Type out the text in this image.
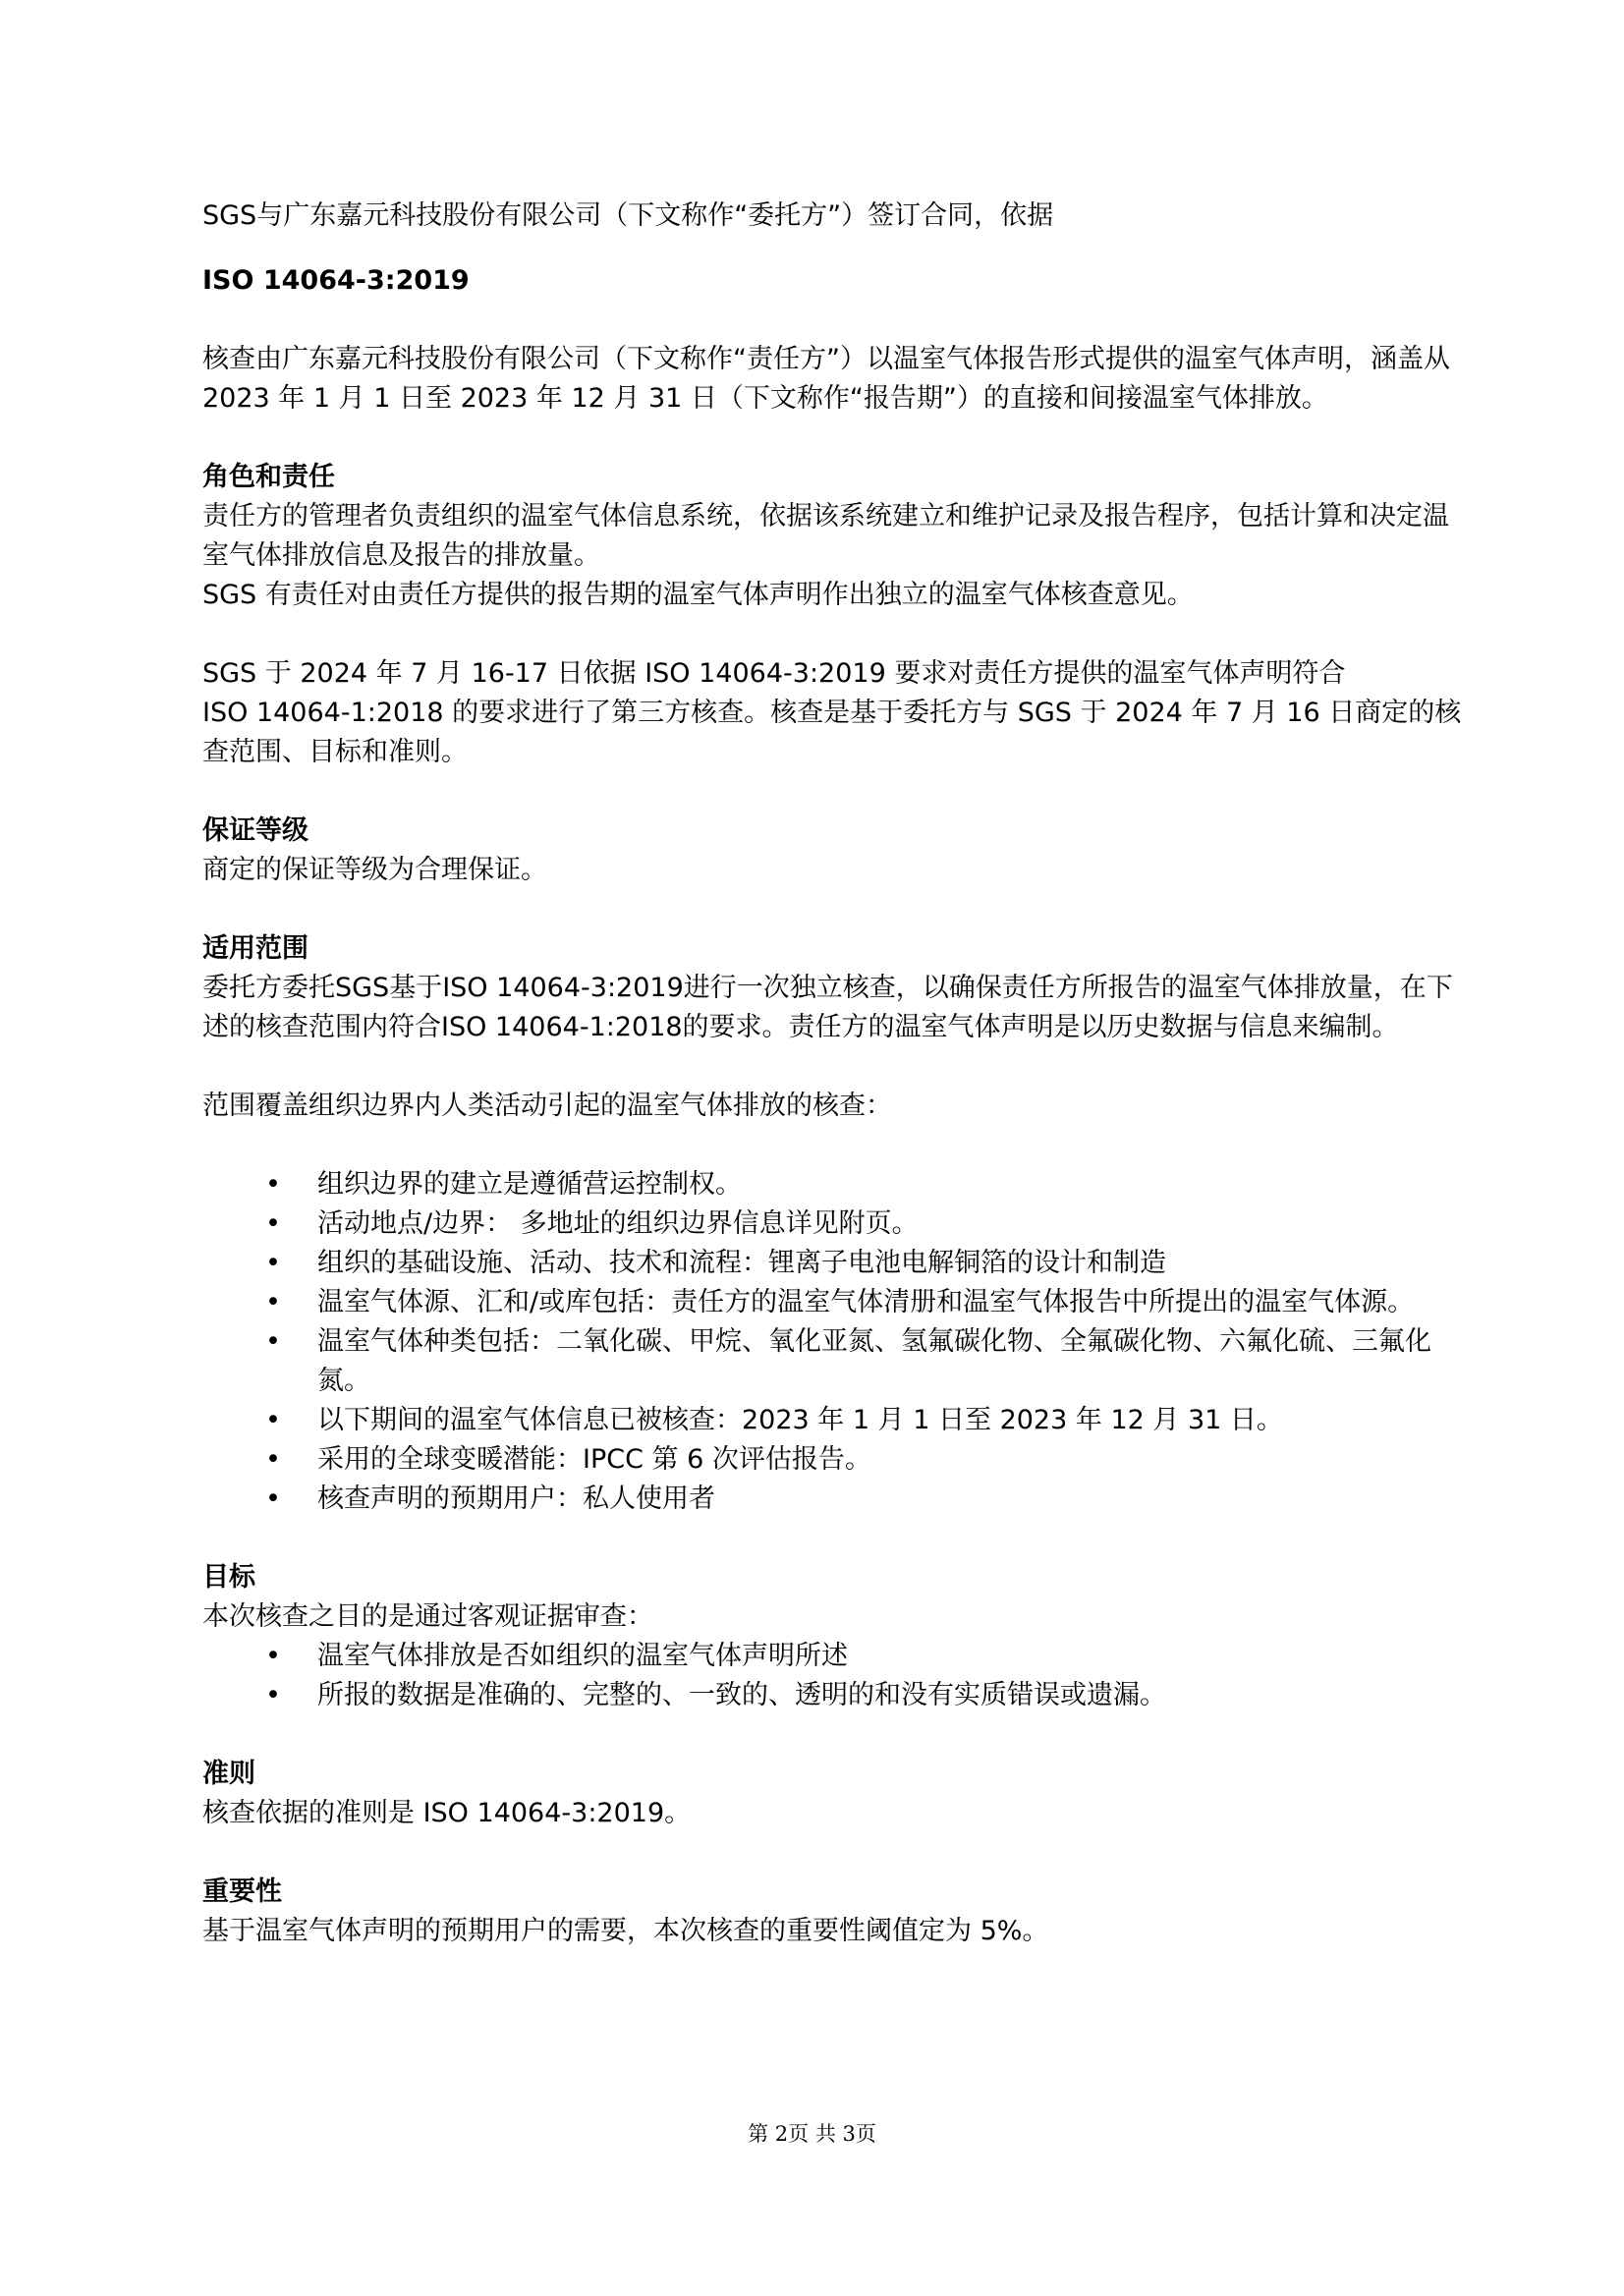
SGS与广东嘉元科技股份有限公司（下文称作“委托方”）签订合同，依据

ISO 14064-3:2019

核查由广东嘉元科技股份有限公司（下文称作“责任方”）以温室气体报告形式提供的温室气体声明，涵盖从 2023 年 1 月 1 日至 2023 年 12 月 31 日（下文称作“报告期”）的直接和间接温室气体排放。

角色和责任

责任方的管理者负责组织的温室气体信息系统，依据该系统建立和维护记录及报告程序，包括计算和决定温室气体排放信息及报告的排放量。

SGS 有责任对由责任方提供的报告期的温室气体声明作出独立的温室气体核查意见。

SGS 于 2024 年 7 月 16-17 日依据 ISO 14064-3:2019 要求对责任方提供的温室气体声明符合

ISO 14064-1:2018 的要求进行了第三方核查。核查是基于委托方与 SGS 于 2024 年 7 月 16 日商定的核查范围、目标和准则。

保证等级

商定的保证等级为合理保证。

适用范围

委托方委托SGS基于ISO 14064-3:2019进行一次独立核查，以确保责任方所报告的温室气体排放量，在下述的核查范围内符合ISO 14064-1:2018的要求。责任方的温室气体声明是以历史数据与信息来编制。

范围覆盖组织边界内人类活动引起的温室气体排放的核查：

• 组织边界的建立是遵循营运控制权。
• 活动地点/边界： 多地址的组织边界信息详见附页。
• 组织的基础设施、活动、技术和流程：锂离子电池电解铜箔的设计和制造
• 温室气体源、汇和/或库包括：责任方的温室气体清册和温室气体报告中所提出的温室气体源。
• 温室气体种类包括：二氧化碳、甲烷、氧化亚氮、氢氟碳化物、全氟碳化物、六氟化硫、三氟化氮。
• 以下期间的温室气体信息已被核查：2023 年 1 月 1 日至 2023 年 12 月 31 日。
• 采用的全球变暖潜能：IPCC 第 6 次评估报告。
• 核查声明的预期用户：私人使用者

目标

本次核查之目的是通过客观证据审查：

• 温室气体排放是否如组织的温室气体声明所述
• 所报的数据是准确的、完整的、一致的、透明的和没有实质错误或遗漏。

准则

核查依据的准则是 ISO 14064-3:2019。

重要性

基于温室气体声明的预期用户的需要，本次核查的重要性阈值定为 5%。

第 2页 共 3页
